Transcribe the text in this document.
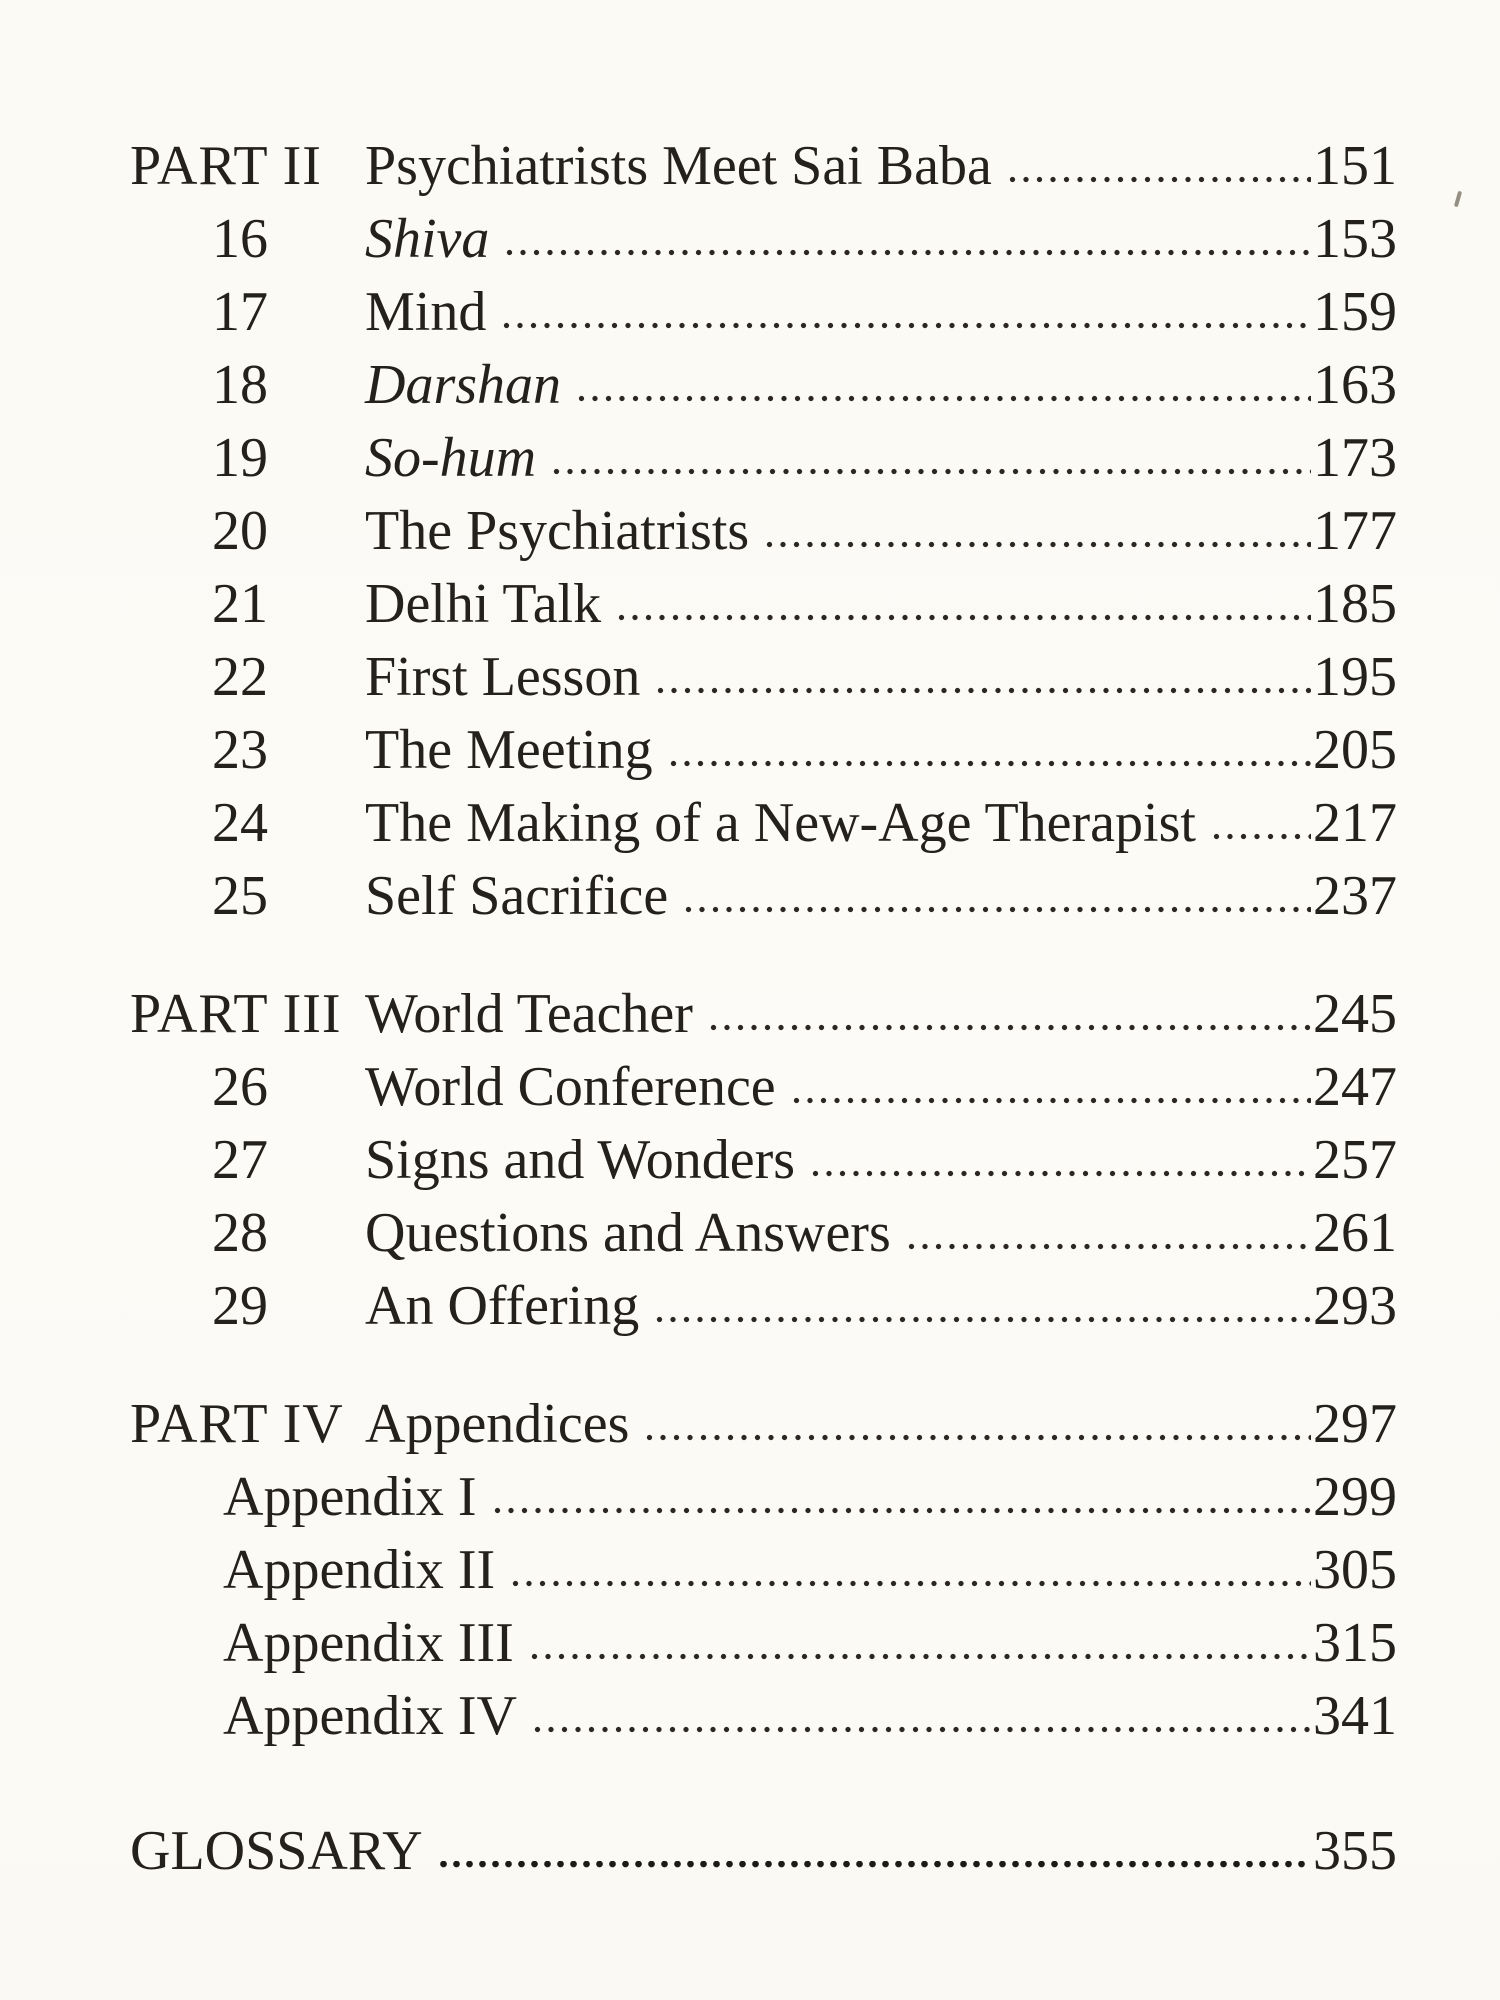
PART II Psychiatrists Meet Sai Baba	151
16	Shiva	153
17	Mind	159
18	Darshan	163
19	So-hum	173
20	The Psychiatrists	177
21	Delhi Talk	185
22	First Lesson	195
23	The Meeting	205
24	The Making of a New-Age Therapist 217
25	Self Sacrifice	237
PART III World Teacher	245
26	World Conference	247
27	Signs and Wonders	257
28	Questions and Answers	261
29	An Offering	293
PART IV Appendices	297
Appendix I	299
Appendix II	305
Appendix III	315
Appendix IV	341
GLOSSARY	355
